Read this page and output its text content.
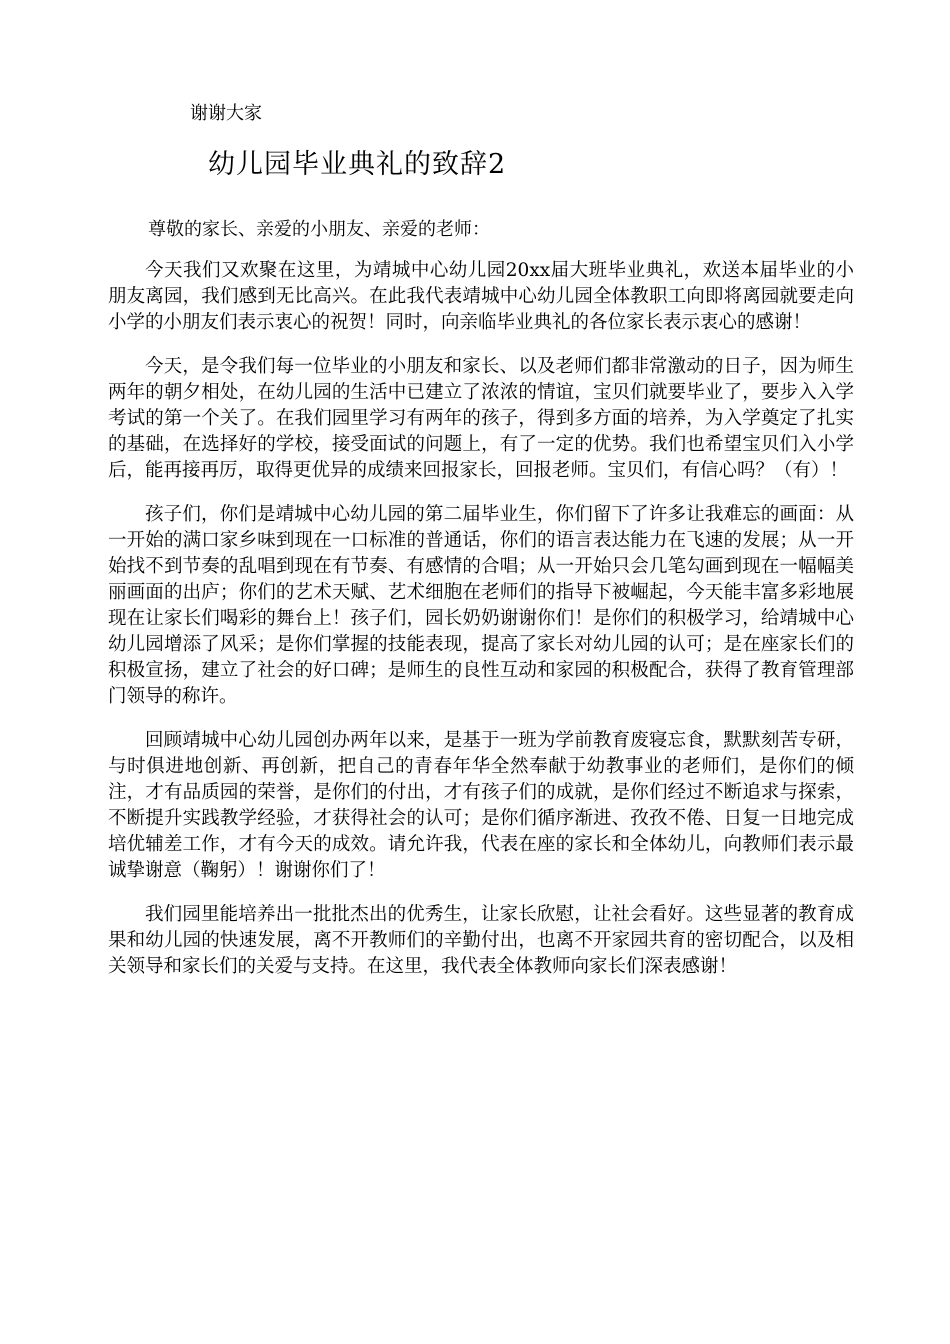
谢谢大家

幼儿园毕业典礼的致辞2

尊敬的家长、亲爱的小朋友、亲爱的老师：

今天我们又欢聚在这里，为靖城中心幼儿园20xx届大班毕业典礼，欢送本届毕业的小朋友离园，我们感到无比高兴。在此我代表靖城中心幼儿园全体教职工向即将离园就要走向小学的小朋友们表示衷心的祝贺！同时，向亲临毕业典礼的各位家长表示衷心的感谢！

今天，是令我们每一位毕业的小朋友和家长、以及老师们都非常激动的日子，因为师生两年的朝夕相处，在幼儿园的生活中已建立了浓浓的情谊，宝贝们就要毕业了，要步入入学考试的第一个关了。在我们园里学习有两年的孩子，得到多方面的培养，为入学奠定了扎实的基础，在选择好的学校，接受面试的问题上，有了一定的优势。我们也希望宝贝们入小学后，能再接再厉，取得更优异的成绩来回报家长，回报老师。宝贝们，有信心吗？（有）！

孩子们，你们是靖城中心幼儿园的第二届毕业生，你们留下了许多让我难忘的画面：从一开始的满口家乡味到现在一口标准的普通话，你们的语言表达能力在飞速的发展；从一开始找不到节奏的乱唱到现在有节奏、有感情的合唱；从一开始只会几笔勾画到现在一幅幅美丽画面的出庐；你们的艺术天赋、艺术细胞在老师们的指导下被崛起，今天能丰富多彩地展现在让家长们喝彩的舞台上！孩子们，园长奶奶谢谢你们！是你们的积极学习，给靖城中心幼儿园增添了风采；是你们掌握的技能表现，提高了家长对幼儿园的认可；是在座家长们的积极宣扬，建立了社会的好口碑；是师生的良性互动和家园的积极配合，获得了教育管理部门领导的称许。

回顾靖城中心幼儿园创办两年以来，是基于一班为学前教育废寝忘食，默默刻苦专研，与时俱进地创新、再创新，把自己的青春年华全然奉献于幼教事业的老师们，是你们的倾注，才有品质园的荣誉，是你们的付出，才有孩子们的成就，是你们经过不断追求与探索，不断提升实践教学经验，才获得社会的认可；是你们循序渐进、孜孜不倦、日复一日地完成培优辅差工作，才有今天的成效。请允许我，代表在座的家长和全体幼儿，向教师们表示最诚挚谢意（鞠躬）！谢谢你们了！

我们园里能培养出一批批杰出的优秀生，让家长欣慰，让社会看好。这些显著的教育成果和幼儿园的快速发展，离不开教师们的辛勤付出，也离不开家园共育的密切配合，以及相关领导和家长们的关爱与支持。在这里，我代表全体教师向家长们深表感谢！
